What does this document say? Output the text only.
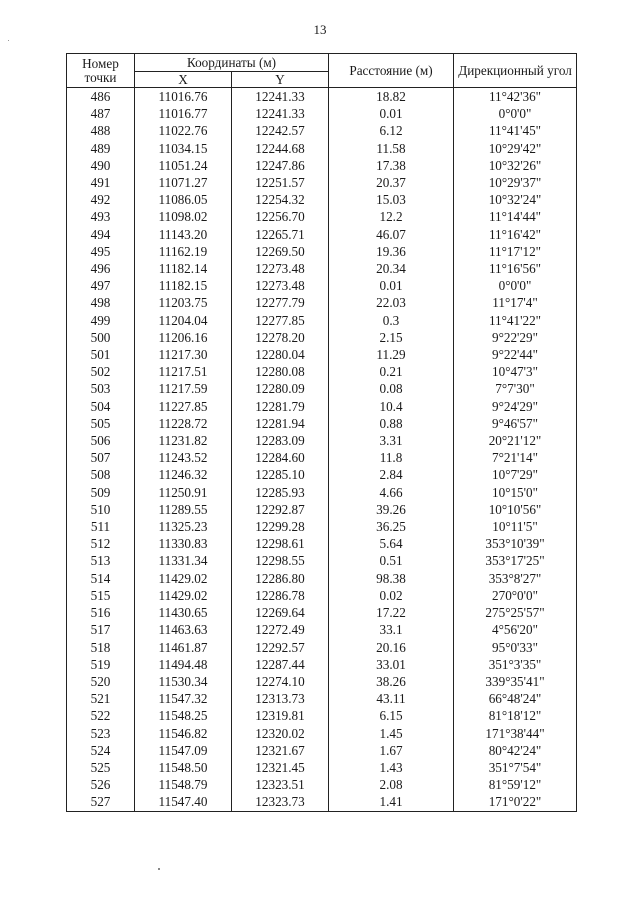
13
Номер точки	Координаты (м)		Расстояние (м)	Дирекционный угол
	X	Y		
486	11016.76	12241.33	18.82	11°42'36"
487	11016.77	12241.33	0.01	0°0'0"
488	11022.76	12242.57	6.12	11°41'45"
489	11034.15	12244.68	11.58	10°29'42"
490	11051.24	12247.86	17.38	10°32'26"
491	11071.27	12251.57	20.37	10°29'37"
492	11086.05	12254.32	15.03	10°32'24"
493	11098.02	12256.70	12.2	11°14'44"
494	11143.20	12265.71	46.07	11°16'42"
495	11162.19	12269.50	19.36	11°17'12"
496	11182.14	12273.48	20.34	11°16'56"
497	11182.15	12273.48	0.01	0°0'0"
498	11203.75	12277.79	22.03	11°17'4"
499	11204.04	12277.85	0.3	11°41'22"
500	11206.16	12278.20	2.15	9°22'29"
501	11217.30	12280.04	11.29	9°22'44"
502	11217.51	12280.08	0.21	10°47'3"
503	11217.59	12280.09	0.08	7°7'30"
504	11227.85	12281.79	10.4	9°24'29"
505	11228.72	12281.94	0.88	9°46'57"
506	11231.82	12283.09	3.31	20°21'12"
507	11243.52	12284.60	11.8	7°21'14"
508	11246.32	12285.10	2.84	10°7'29"
509	11250.91	12285.93	4.66	10°15'0"
510	11289.55	12292.87	39.26	10°10'56"
511	11325.23	12299.28	36.25	10°11'5"
512	11330.83	12298.61	5.64	353°10'39"
513	11331.34	12298.55	0.51	353°17'25"
514	11429.02	12286.80	98.38	353°8'27"
515	11429.02	12286.78	0.02	270°0'0"
516	11430.65	12269.64	17.22	275°25'57"
517	11463.63	12272.49	33.1	4°56'20"
518	11461.87	12292.57	20.16	95°0'33"
519	11494.48	12287.44	33.01	351°3'35"
520	11530.34	12274.10	38.26	339°35'41"
521	11547.32	12313.73	43.11	66°48'24"
522	11548.25	12319.81	6.15	81°18'12"
523	11546.82	12320.02	1.45	171°38'44"
524	11547.09	12321.67	1.67	80°42'24"
525	11548.50	12321.45	1.43	351°7'54"
526	11548.79	12323.51	2.08	81°59'12"
527	11547.40	12323.73	1.41	171°0'22"
